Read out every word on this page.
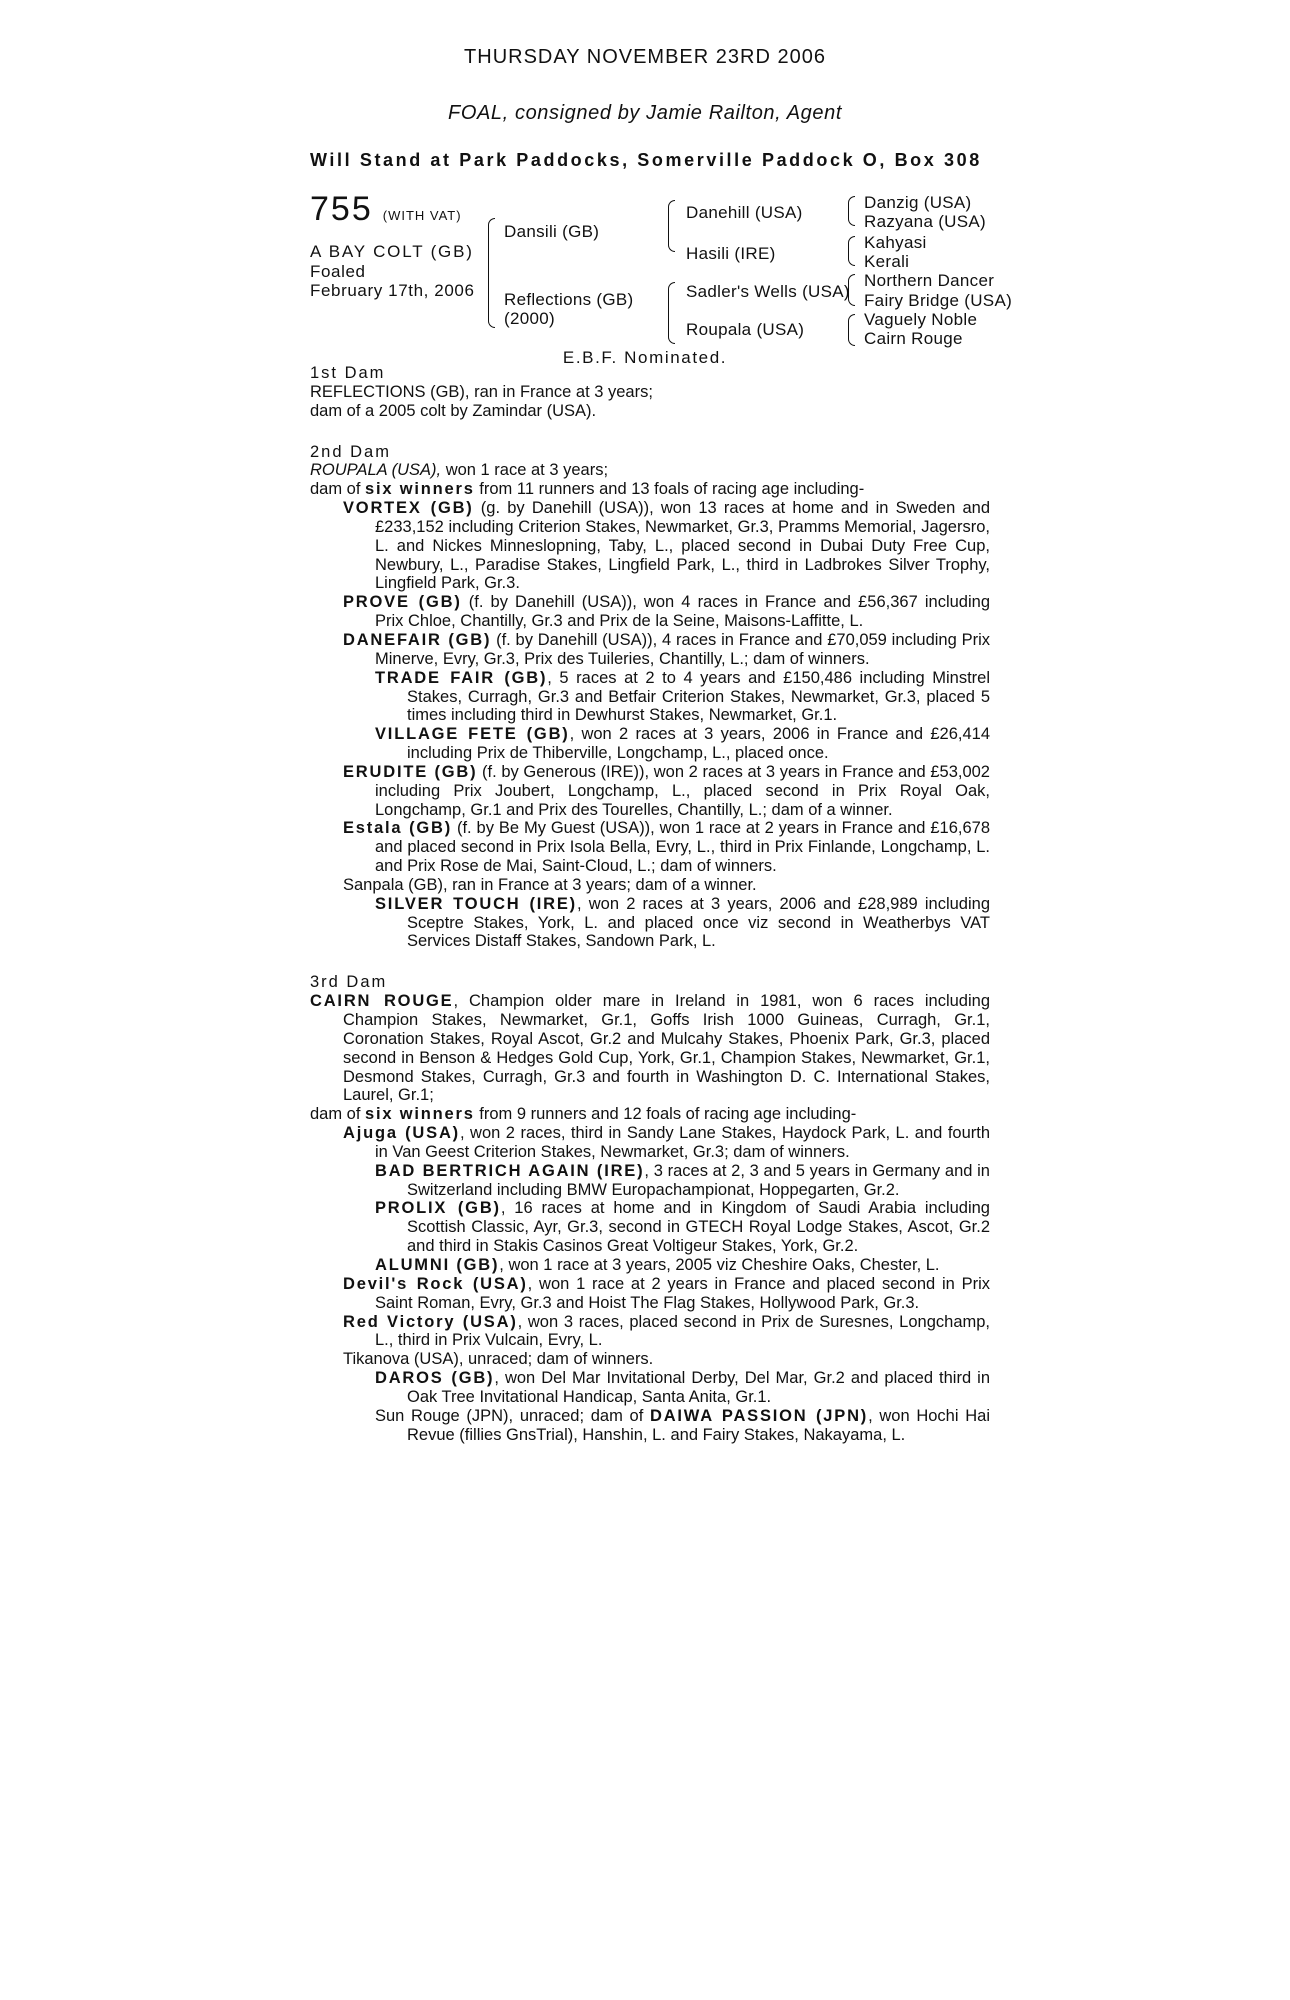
THURSDAY NOVEMBER 23RD 2006
FOAL, consigned by Jamie Railton, Agent
Will Stand at Park Paddocks, Somerville Paddock O, Box 308
755 (WITH VAT)
A BAY COLT (GB)
Foaled
February 17th, 2006
Dansili (GB)
Reflections (GB)
(2000)
Danehill (USA)
Hasili (IRE)
Sadler's Wells (USA)
Roupala (USA)
Danzig (USA)
Razyana (USA)
Kahyasi
Kerali
Northern Dancer
Fairy Bridge (USA)
Vaguely Noble
Cairn Rouge
E.B.F. Nominated.

1st Dam

REFLECTIONS (GB), ran in France at 3 years;

dam of a 2005 colt by Zamindar (USA).

2nd Dam

ROUPALA (USA), won 1 race at 3 years;

dam of six winners from 11 runners and 13 foals of racing age including-

VORTEX (GB) (g. by Danehill (USA)), won 13 races at home and in Sweden and £233,152 including Criterion Stakes, Newmarket, Gr.3, Pramms Memorial, Jagersro, L. and Nickes Minneslopning, Taby, L., placed second in Dubai Duty Free Cup, Newbury, L., Paradise Stakes, Lingfield Park, L., third in Ladbrokes Silver Trophy, Lingfield Park, Gr.3.

PROVE (GB) (f. by Danehill (USA)), won 4 races in France and £56,367 including Prix Chloe, Chantilly, Gr.3 and Prix de la Seine, Maisons-Laffitte, L.

DANEFAIR (GB) (f. by Danehill (USA)), 4 races in France and £70,059 including Prix Minerve, Evry, Gr.3, Prix des Tuileries, Chantilly, L.; dam of winners.

TRADE FAIR (GB), 5 races at 2 to 4 years and £150,486 including Minstrel Stakes, Curragh, Gr.3 and Betfair Criterion Stakes, Newmarket, Gr.3, placed 5 times including third in Dewhurst Stakes, Newmarket, Gr.1.

VILLAGE FETE (GB), won 2 races at 3 years, 2006 in France and £26,414 including Prix de Thiberville, Longchamp, L., placed once.

ERUDITE (GB) (f. by Generous (IRE)), won 2 races at 3 years in France and £53,002 including Prix Joubert, Longchamp, L., placed second in Prix Royal Oak, Longchamp, Gr.1 and Prix des Tourelles, Chantilly, L.; dam of a winner.

Estala (GB) (f. by Be My Guest (USA)), won 1 race at 2 years in France and £16,678 and placed second in Prix Isola Bella, Evry, L., third in Prix Finlande, Longchamp, L. and Prix Rose de Mai, Saint-Cloud, L.; dam of winners.

Sanpala (GB), ran in France at 3 years; dam of a winner.

SILVER TOUCH (IRE), won 2 races at 3 years, 2006 and £28,989 including Sceptre Stakes, York, L. and placed once viz second in Weatherbys VAT Services Distaff Stakes, Sandown Park, L.

3rd Dam

CAIRN ROUGE, Champion older mare in Ireland in 1981, won 6 races including Champion Stakes, Newmarket, Gr.1, Goffs Irish 1000 Guineas, Curragh, Gr.1, Coronation Stakes, Royal Ascot, Gr.2 and Mulcahy Stakes, Phoenix Park, Gr.3, placed second in Benson & Hedges Gold Cup, York, Gr.1, Champion Stakes, Newmarket, Gr.1, Desmond Stakes, Curragh, Gr.3 and fourth in Washington D. C. International Stakes, Laurel, Gr.1;

dam of six winners from 9 runners and 12 foals of racing age including-

Ajuga (USA), won 2 races, third in Sandy Lane Stakes, Haydock Park, L. and fourth in Van Geest Criterion Stakes, Newmarket, Gr.3; dam of winners.

BAD BERTRICH AGAIN (IRE), 3 races at 2, 3 and 5 years in Germany and in Switzerland including BMW Europachampionat, Hoppegarten, Gr.2.

PROLIX (GB), 16 races at home and in Kingdom of Saudi Arabia including Scottish Classic, Ayr, Gr.3, second in GTECH Royal Lodge Stakes, Ascot, Gr.2 and third in Stakis Casinos Great Voltigeur Stakes, York, Gr.2.

ALUMNI (GB), won 1 race at 3 years, 2005 viz Cheshire Oaks, Chester, L.

Devil's Rock (USA), won 1 race at 2 years in France and placed second in Prix Saint Roman, Evry, Gr.3 and Hoist The Flag Stakes, Hollywood Park, Gr.3.

Red Victory (USA), won 3 races, placed second in Prix de Suresnes, Longchamp, L., third in Prix Vulcain, Evry, L.

Tikanova (USA), unraced; dam of winners.

DAROS (GB), won Del Mar Invitational Derby, Del Mar, Gr.2 and placed third in Oak Tree Invitational Handicap, Santa Anita, Gr.1.

Sun Rouge (JPN), unraced; dam of DAIWA PASSION (JPN), won Hochi Hai Revue (fillies GnsTrial), Hanshin, L. and Fairy Stakes, Nakayama, L.
